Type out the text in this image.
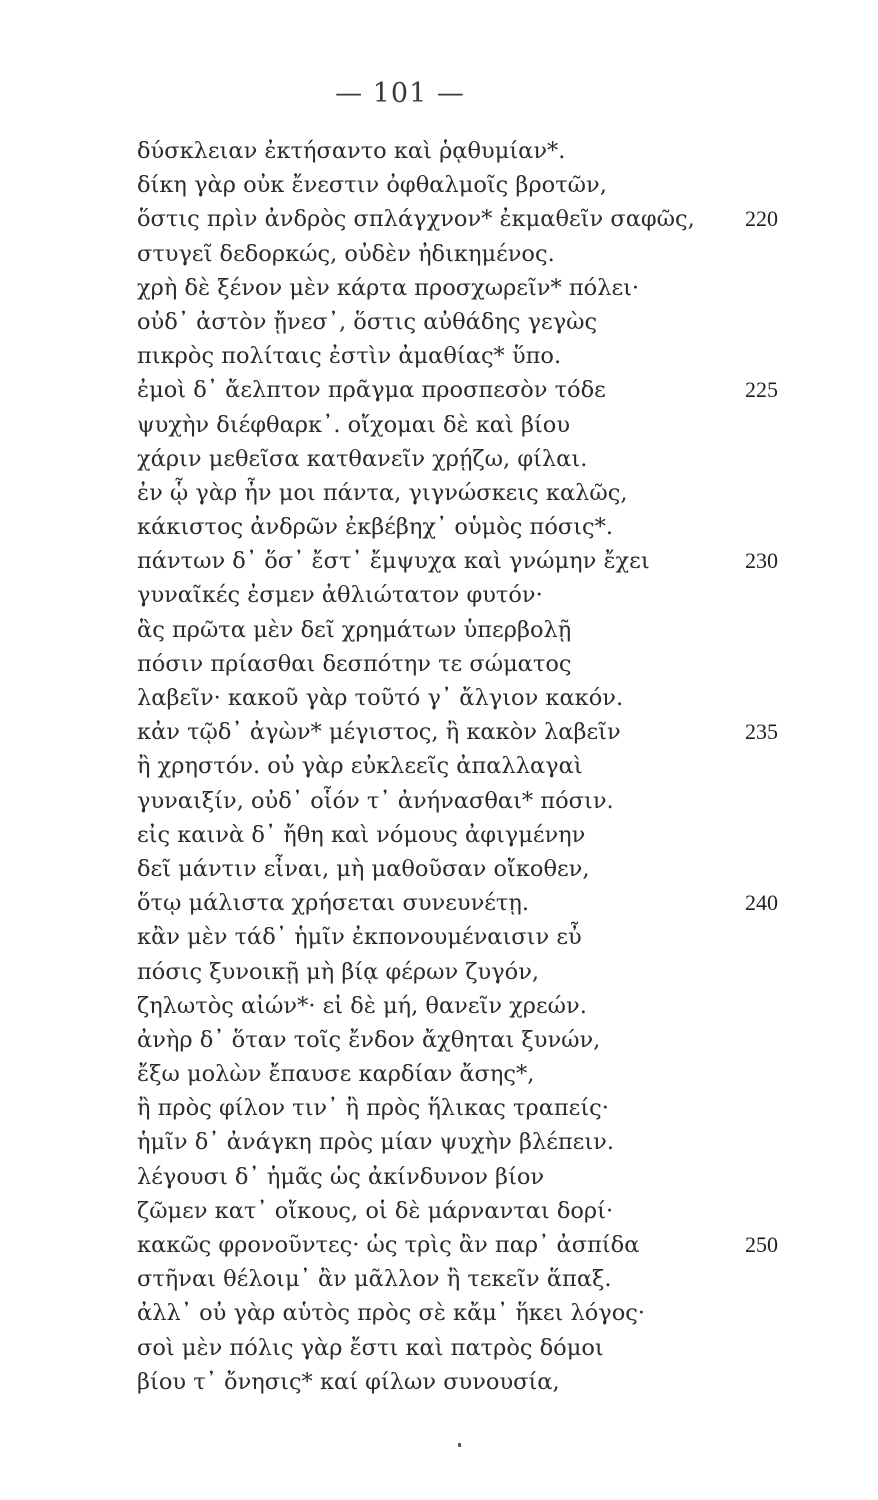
— 101 —
δύσκλειαν ἐκτήσαντο καὶ ῥᾳθυμίαν*.
δίκη γὰρ οὐκ ἔνεστιν ὀφθαλμοῖς βροτῶν,
ὅστις πρὶν ἀνδρὸς σπλάγχνον* ἐκμαθεῖν σαφῶς,	220
στυγεῖ δεδορκώς, οὐδὲν ἠδικημένος.
χρὴ δὲ ξένον μὲν κάρτα προσχωρεῖν* πόλει·
οὐδ᾽ ἀστὸν ᾔνεσ᾽, ὅστις αὐθάδης γεγὼς
πικρὸς πολίταις ἐστὶν ἀμαθίας* ὕπο.
ἐμοὶ δ᾽ ἄελπτον πρᾶγμα προσπεσὸν τόδε	225
ψυχὴν διέφθαρκ᾽. οἴχομαι δὲ καὶ βίου
χάριν μεθεῖσα κατθανεῖν χρῄζω, φίλαι.
ἐν ᾧ γὰρ ἦν μοι πάντα, γιγνώσκεις καλῶς,
κάκιστος ἀνδρῶν ἐκβέβηχ᾽ οὑμὸς πόσις*.
πάντων δ᾽ ὅσ᾽ ἔστ᾽ ἔμψυχα καὶ γνώμην ἔχει	230
γυναῖκές ἐσμεν ἀθλιώτατον φυτόν·
ἃς πρῶτα μὲν δεῖ χρημάτων ὑπερβολῇ
πόσιν πρίασθαι δεσπότην τε σώματος
λαβεῖν· κακοῦ γὰρ τοῦτό γ᾽ ἄλγιον κακόν.
κἀν τῷδ᾽ ἀγὼν* μέγιστος, ἢ κακὸν λαβεῖν	235
ἢ χρηστόν. οὐ γὰρ εὐκλεεῖς ἀπαλλαγαὶ
γυναιξίν, οὐδ᾽ οἷόν τ᾽ ἀνήνασθαι* πόσιν.
εἰς καινὰ δ᾽ ἤθη καὶ νόμους ἀφιγμένην
δεῖ μάντιν εἶναι, μὴ μαθοῦσαν οἴκοθεν,
ὅτῳ μάλιστα χρήσεται συνευνέτῃ.	240
κἂν μὲν τάδ᾽ ἡμῖν ἐκπονουμέναισιν εὖ
πόσις ξυνοικῇ μὴ βίᾳ φέρων ζυγόν,
ζηλωτὸς αἰών*· εἰ δὲ μή, θανεῖν χρεών.
ἀνὴρ δ᾽ ὅταν τοῖς ἔνδον ἄχθηται ξυνών,
ἔξω μολὼν ἔπαυσε καρδίαν ἄσης*,
ἢ πρὸς φίλον τιν᾽ ἢ πρὸς ἥλικας τραπείς·
ἡμῖν δ᾽ ἀνάγκη πρὸς μίαν ψυχὴν βλέπειν.
λέγουσι δ᾽ ἡμᾶς ὡς ἀκίνδυνον βίον
ζῶμεν κατ᾽ οἴκους, οἱ δὲ μάρνανται δορί·
κακῶς φρονοῦντες· ὡς τρὶς ἂν παρ᾽ ἀσπίδα	250
στῆναι θέλοιμ᾽ ἂν μᾶλλον ἢ τεκεῖν ἅπαξ.
ἀλλ᾽ οὐ γὰρ αὑτὸς πρὸς σὲ κἄμ᾽ ἥκει λόγος·
σοὶ μὲν πόλις γὰρ ἔστι καὶ πατρὸς δόμοι
βίου τ᾽ ὄνησις* καί φίλων συνουσία,
